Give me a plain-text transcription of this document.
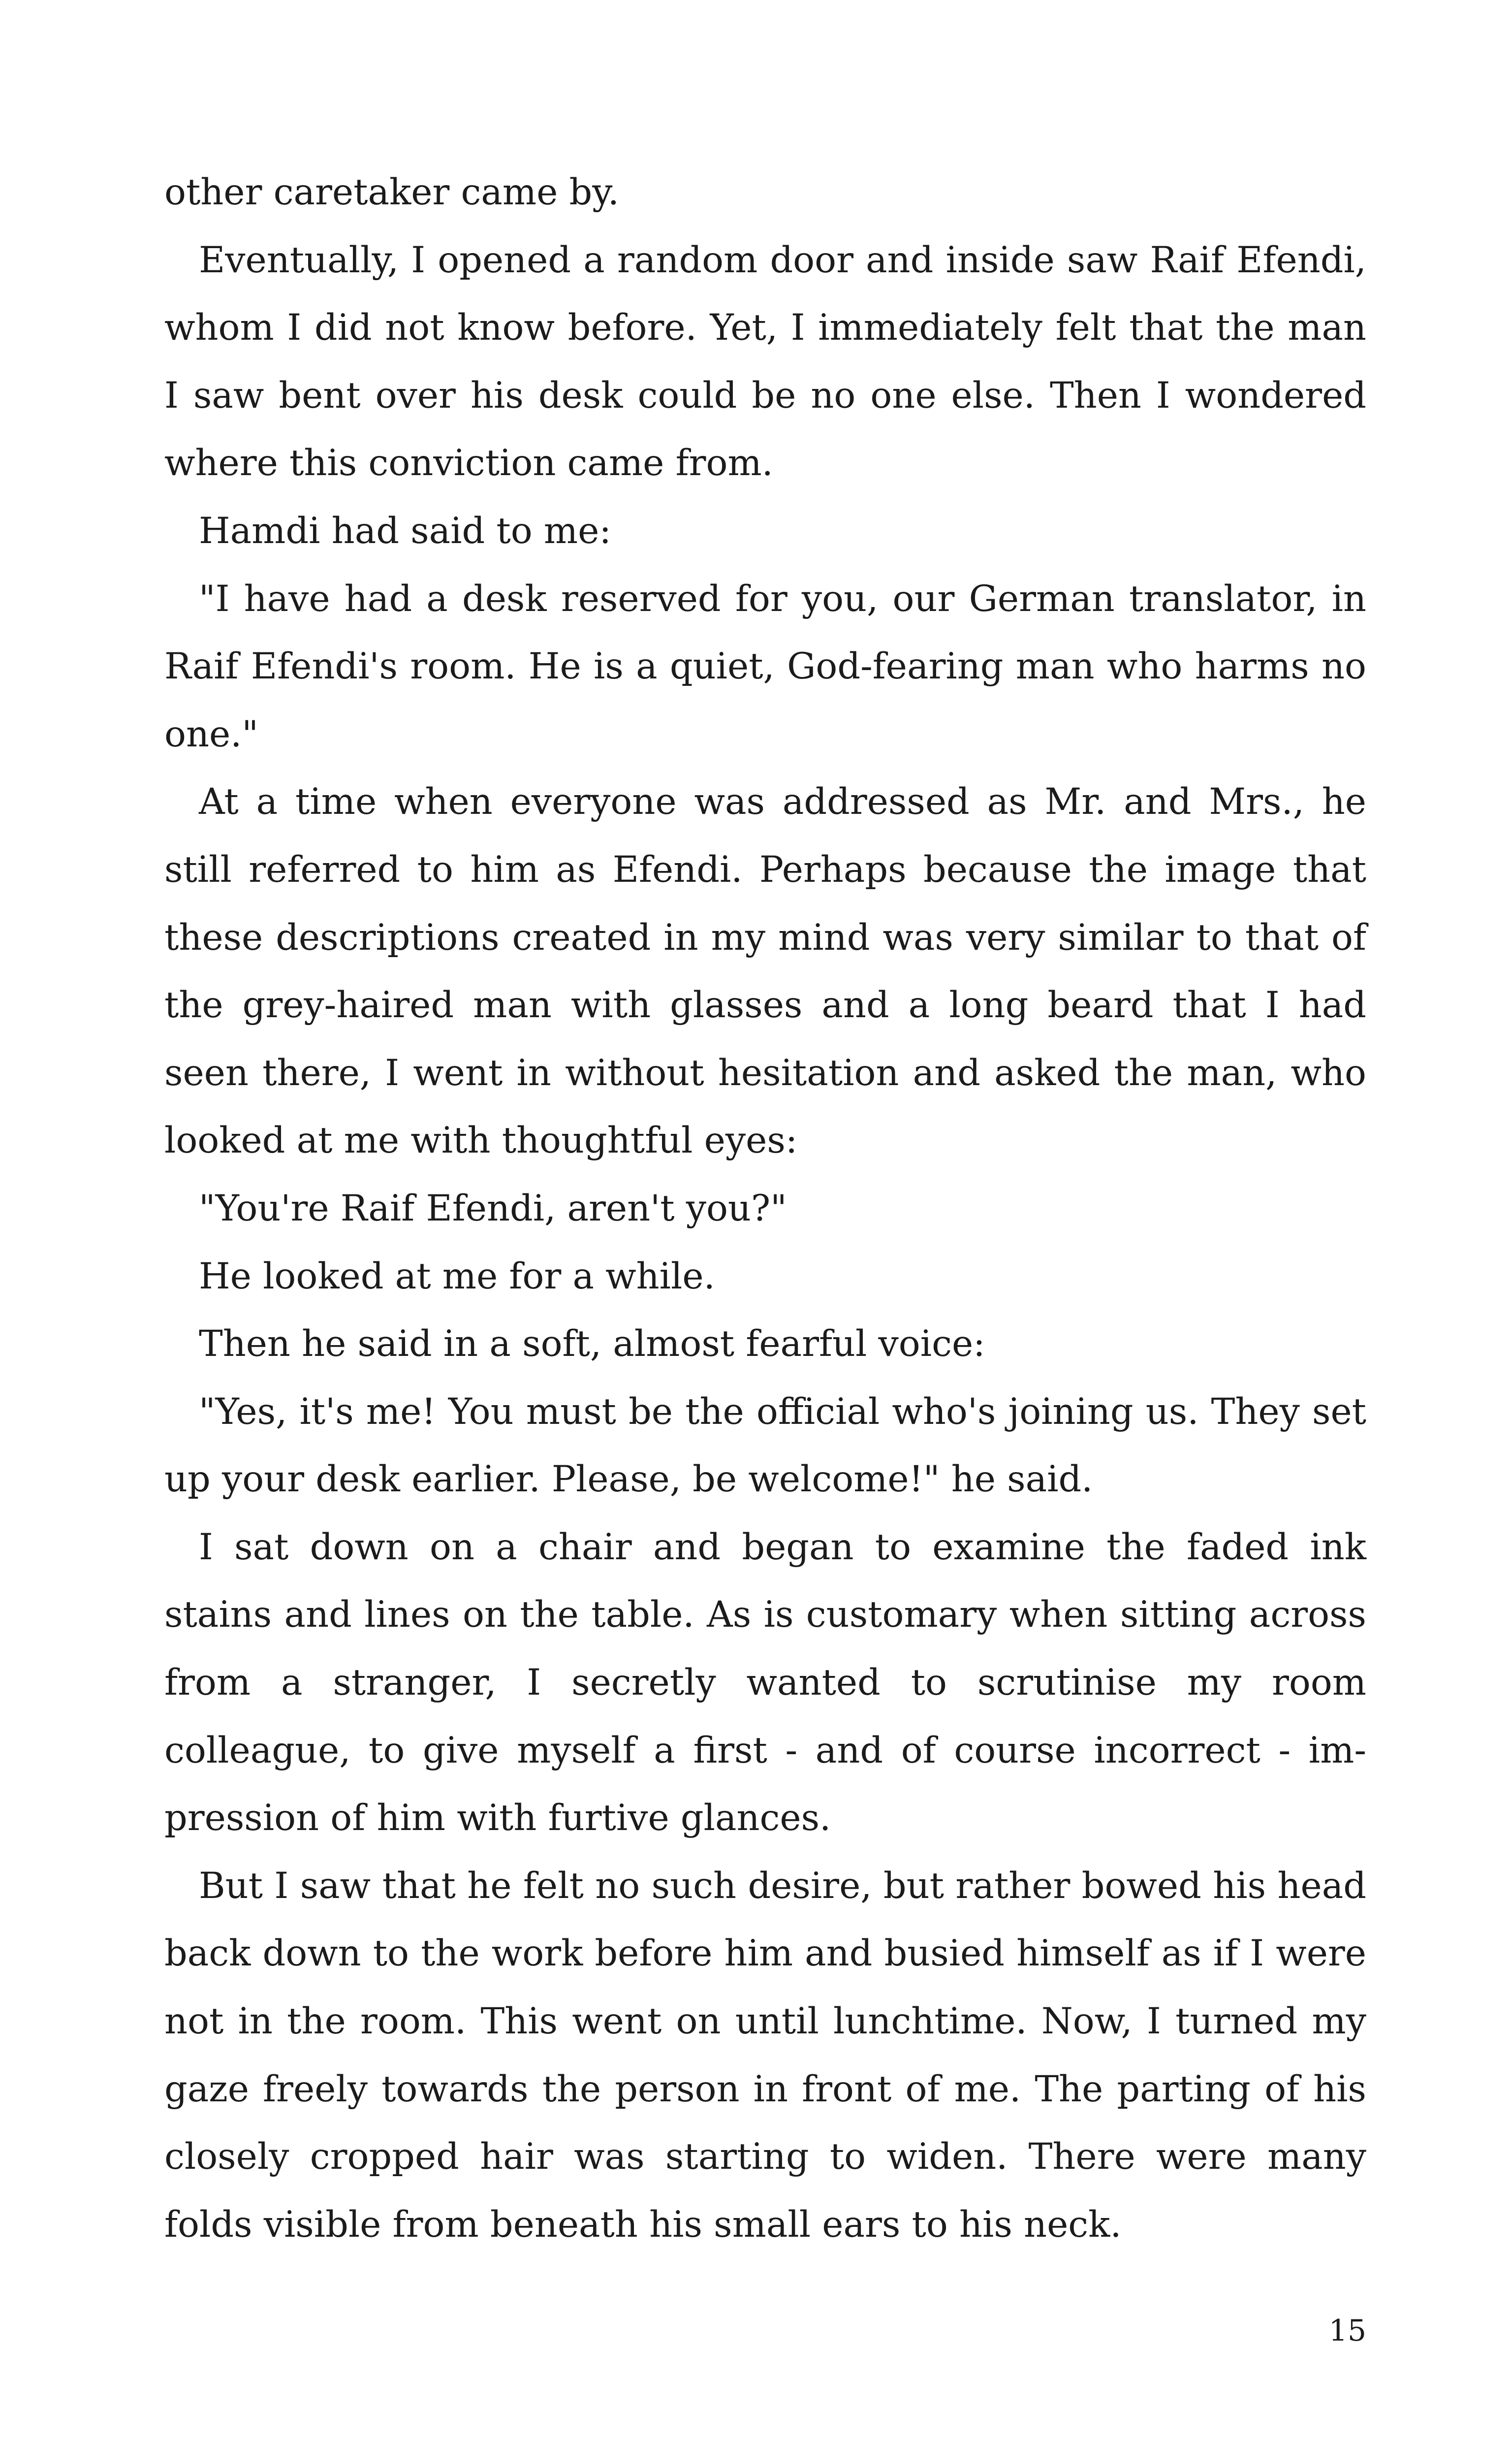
other caretaker came by.

Eventually, I opened a random door and inside saw Raif Efendi, whom I did not know before. Yet, I immediately felt that the man I saw bent over his desk could be no one else. Then I wondered where this conviction came from.

Hamdi had said to me:

"I have had a desk reserved for you, our German translator, in Raif Efendi's room. He is a quiet, God-fearing man who harms no one."

At a time when everyone was addressed as Mr. and Mrs., he still referred to him as Efendi. Perhaps because the image that these descriptions created in my mind was very similar to that of the grey-haired man with glasses and a long beard that I had seen there, I went in without hesitation and asked the man, who looked at me with thoughtful eyes:

"You're Raif Efendi, aren't you?"

He looked at me for a while.

Then he said in a soft, almost fearful voice:

"Yes, it's me! You must be the official who's joining us. They set up your desk earlier. Please, be welcome!" he said.

I sat down on a chair and began to examine the faded ink stains and lines on the table. As is customary when sitting across from a stranger, I secretly wanted to scrutinise my room colleague, to give myself a first - and of course incorrect - impression of him with furtive glances.

But I saw that he felt no such desire, but rather bowed his head back down to the work before him and busied himself as if I were not in the room. This went on until lunchtime. Now, I turned my gaze freely towards the person in front of me. The parting of his closely cropped hair was starting to widen. There were many folds visible from beneath his small ears to his neck.

15
